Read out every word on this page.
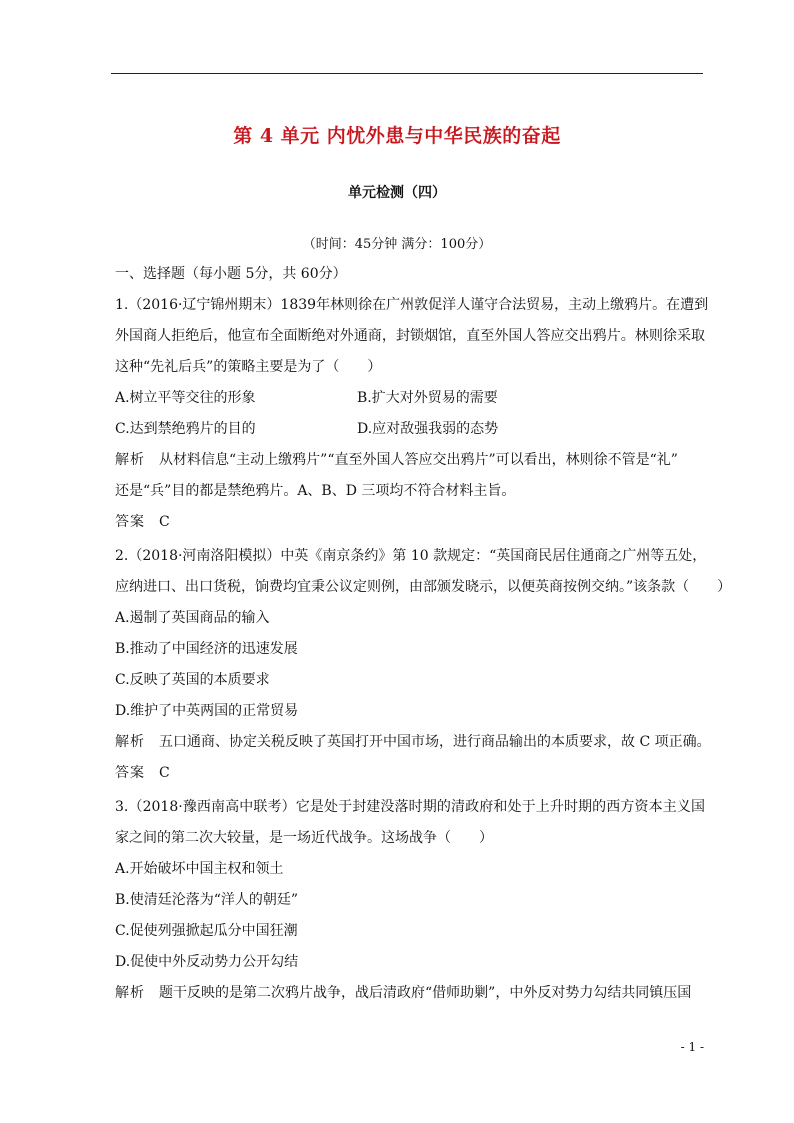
第 4 单元 内忧外患与中华民族的奋起
单元检测（四）
（时间：45分钟 满分：100分）
一、选择题（每小题 5分，共 60分）
1.（2016·辽宁锦州期末）1839年林则徐在广州敦促洋人谨守合法贸易，主动上缴鸦片。在遭到
外国商人拒绝后，他宣布全面断绝对外通商，封锁烟馆，直至外国人答应交出鸦片。林则徐采取
这种“先礼后兵”的策略主要是为了（　　）
A.树立平等交往的形象	B.扩大对外贸易的需要
C.达到禁绝鸦片的目的	D.应对敌强我弱的态势
解析 从材料信息“主动上缴鸦片”“直至外国人答应交出鸦片”可以看出，林则徐不管是“礼”
还是“兵”目的都是禁绝鸦片。A、B、D 三项均不符合材料主旨。
答案 C
2.（2018·河南洛阳模拟）中英《南京条约》第 10 款规定：“英国商民居住通商之广州等五处，
应纳进口、出口货税，饷费均宜秉公议定则例，由部颁发晓示，以便英商按例交纳。”该条款（　　）
A.遏制了英国商品的输入
B.推动了中国经济的迅速发展
C.反映了英国的本质要求
D.维护了中英两国的正常贸易
解析 五口通商、协定关税反映了英国打开中国市场，进行商品输出的本质要求，故 C 项正确。
答案 C
3.（2018·豫西南高中联考）它是处于封建没落时期的清政府和处于上升时期的西方资本主义国
家之间的第二次大较量，是一场近代战争。这场战争（　　）
A.开始破坏中国主权和领土
B.使清廷沦落为“洋人的朝廷”
C.促使列强掀起瓜分中国狂潮
D.促使中外反动势力公开勾结
解析 题干反映的是第二次鸦片战争，战后清政府“借师助剿”，中外反对势力勾结共同镇压国
- 1 -
